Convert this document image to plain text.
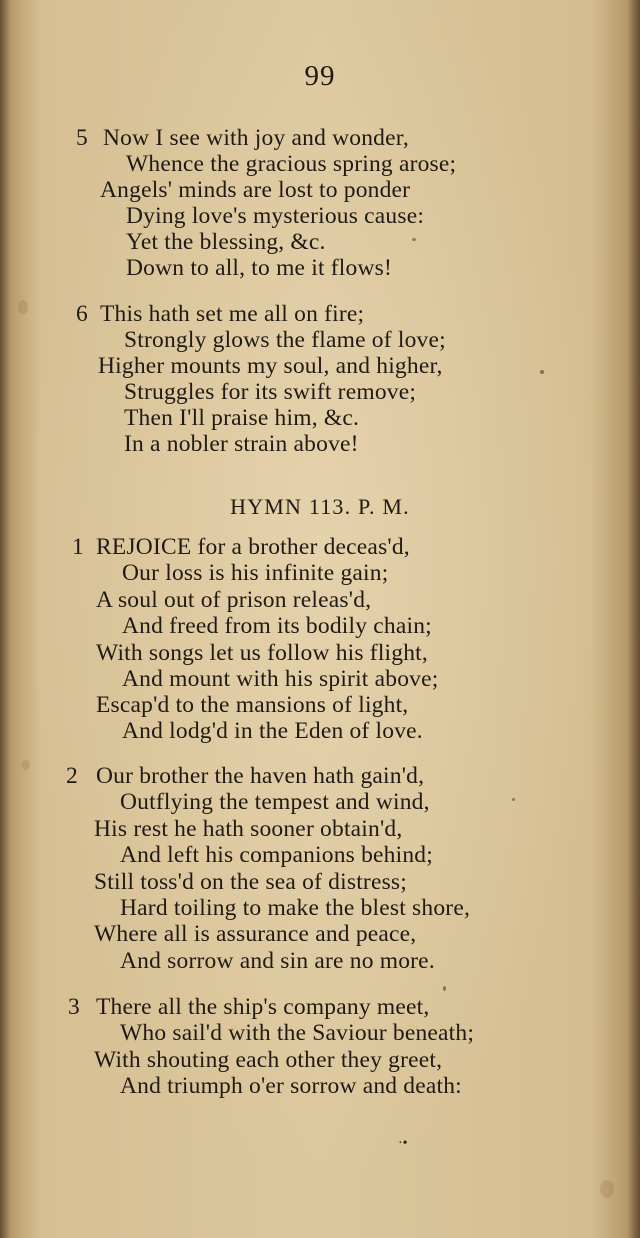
99
5 Now I see with joy and wonder,
Whence the gracious spring arose;
Angels' minds are lost to ponder
Dying love's mysterious cause:
Yet the blessing, &c.
Down to all, to me it flows!
6 This hath set me all on fire;
Strongly glows the flame of love;
Higher mounts my soul, and higher,
Struggles for its swift remove;
Then I'll praise him, &c.
In a nobler strain above!
HYMN 113. P. M.
1 REJOICE for a brother deceas'd,
Our loss is his infinite gain;
A soul out of prison releas'd,
And freed from its bodily chain;
With songs let us follow his flight,
And mount with his spirit above;
Escap'd to the mansions of light,
And lodg'd in the Eden of love.
2 Our brother the haven hath gain'd,
Outflying the tempest and wind,
His rest he hath sooner obtain'd,
And left his companions behind;
Still toss'd on the sea of distress;
Hard toiling to make the blest shore,
Where all is assurance and peace,
And sorrow and sin are no more.
3 There all the ship's company meet,
Who sail'd with the Saviour beneath;
With shouting each other they greet,
And triumph o'er sorrow and death:
·•
